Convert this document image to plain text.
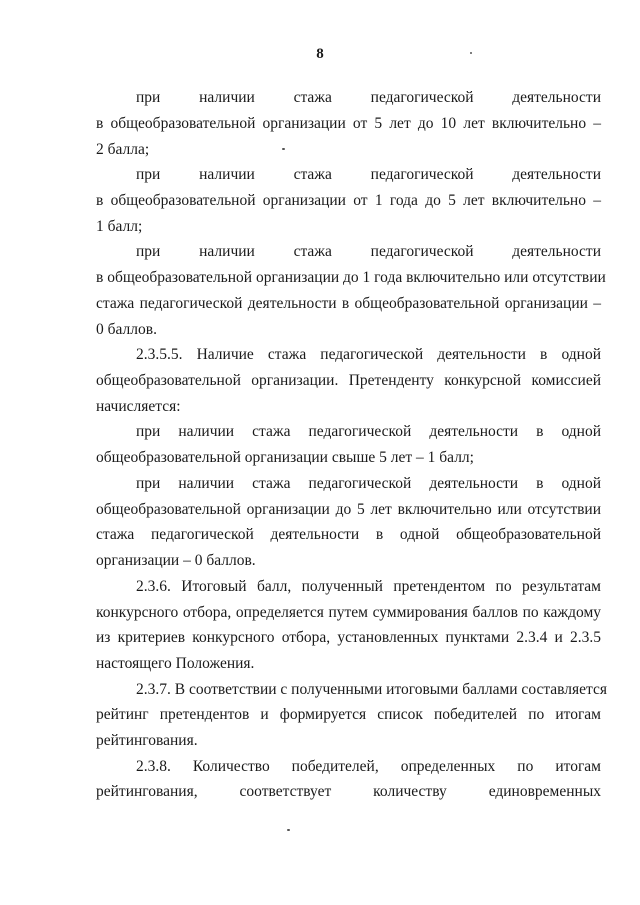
8
при наличии стажа педагогической деятельности
в общеобразовательной организации от 5 лет до 10 лет включительно –
2 балла;
при наличии стажа педагогической деятельности
в общеобразовательной организации от 1 года до 5 лет включительно –
1 балл;
при наличии стажа педагогической деятельности
в общеобразовательной организации до 1 года включительно или отсутствии
стажа педагогической деятельности в общеобразовательной организации –
0 баллов.
2.3.5.5. Наличие стажа педагогической деятельности в одной
общеобразовательной организации. Претенденту конкурсной комиссией
начисляется:
при наличии стажа педагогической деятельности в одной
общеобразовательной организации свыше 5 лет – 1 балл;
при наличии стажа педагогической деятельности в одной
общеобразовательной организации до 5 лет включительно или отсутствии
стажа педагогической деятельности в одной общеобразовательной
организации – 0 баллов.
2.3.6. Итоговый балл, полученный претендентом по результатам
конкурсного отбора, определяется путем суммирования баллов по каждому
из критериев конкурсного отбора, установленных пунктами 2.3.4 и 2.3.5
настоящего Положения.
2.3.7. В соответствии с полученными итоговыми баллами составляется
рейтинг претендентов и формируется список победителей по итогам
рейтингования.
2.3.8. Количество победителей, определенных по итогам
рейтингования, соответствует количеству единовременных
